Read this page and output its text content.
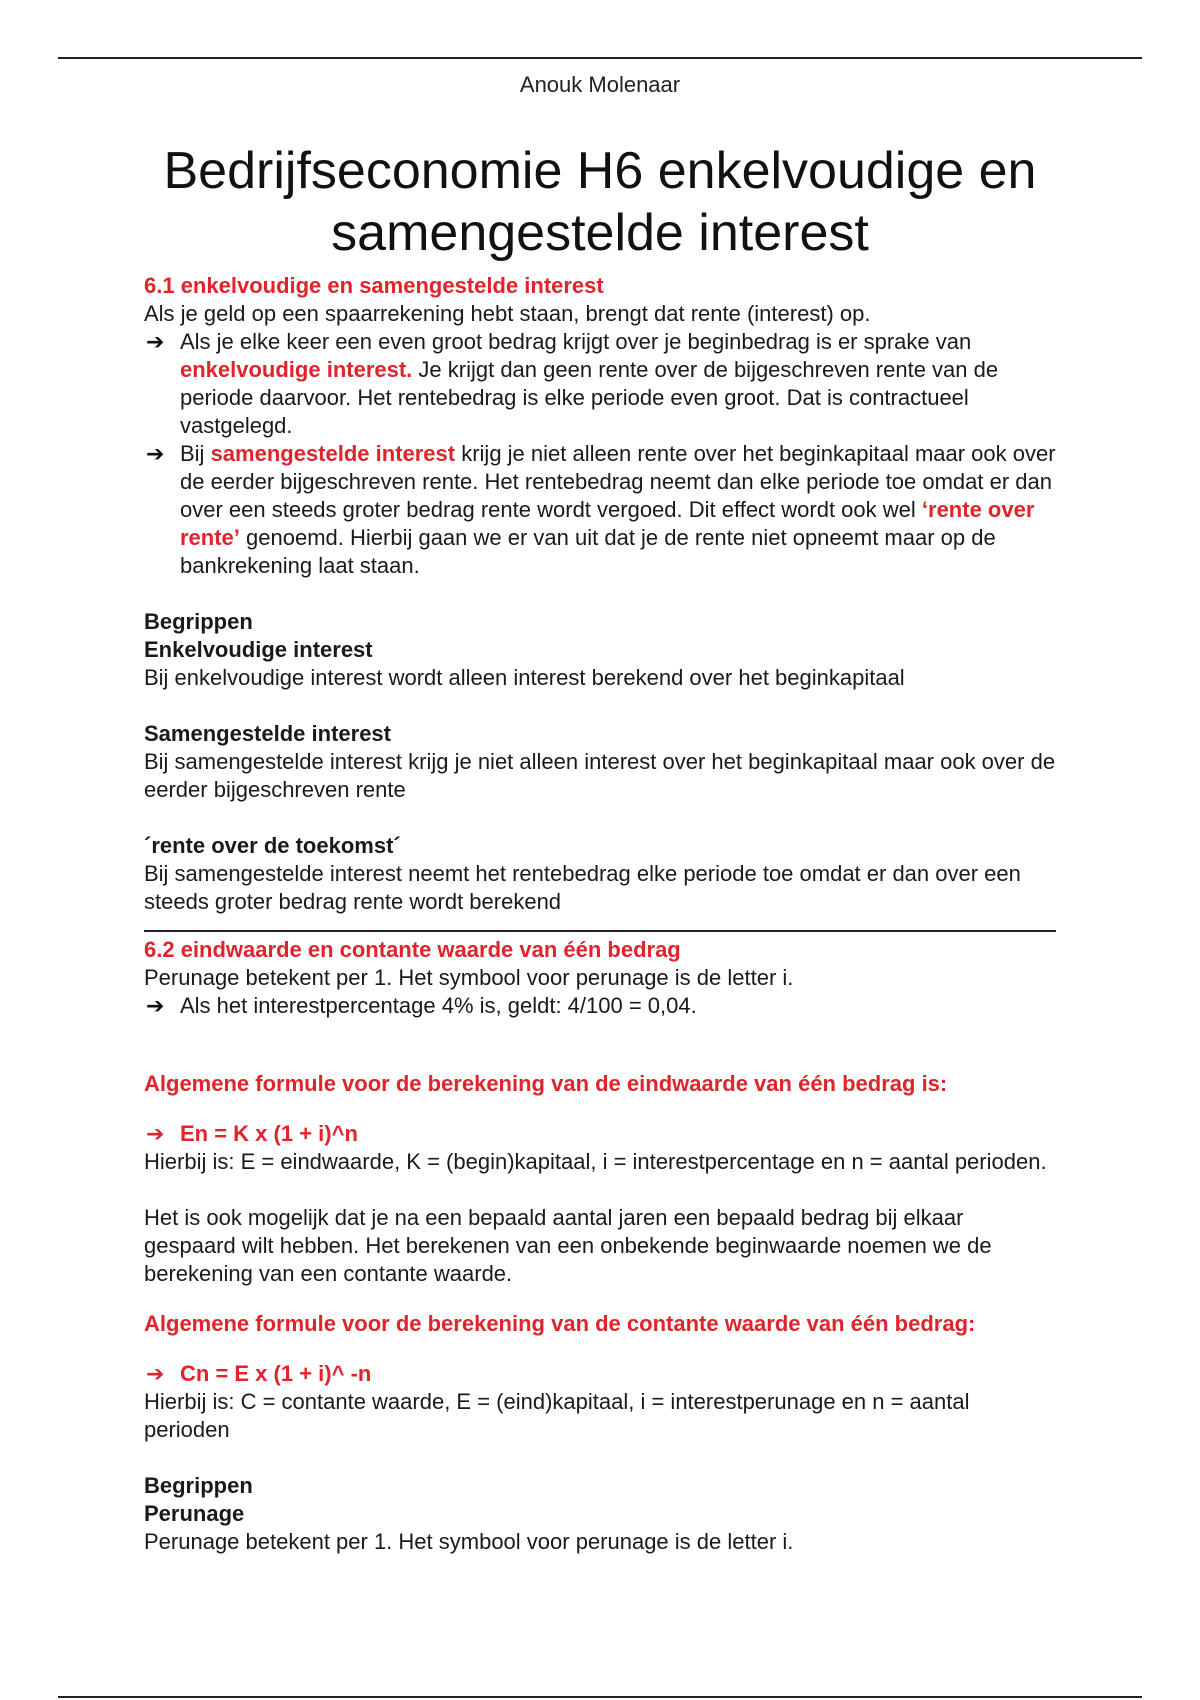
Anouk Molenaar
Bedrijfseconomie H6 enkelvoudige en samengestelde interest

6.1 enkelvoudige en samengestelde interest

Als je geld op een spaarrekening hebt staan, brengt dat rente (interest) op.

➔ Als je elke keer een even groot bedrag krijgt over je beginbedrag is er sprake van enkelvoudige interest. Je krijgt dan geen rente over de bijgeschreven rente van de periode daarvoor. Het rentebedrag is elke periode even groot. Dat is contractueel vastgelegd.

➔ Bij samengestelde interest krijg je niet alleen rente over het beginkapitaal maar ook over de eerder bijgeschreven rente. Het rentebedrag neemt dan elke periode toe omdat er dan over een steeds groter bedrag rente wordt vergoed. Dit effect wordt ook wel ‘rente over rente’ genoemd. Hierbij gaan we er van uit dat je de rente niet opneemt maar op de bankrekening laat staan.

Begrippen

Enkelvoudige interest

Bij enkelvoudige interest wordt alleen interest berekend over het beginkapitaal

Samengestelde interest

Bij samengestelde interest krijg je niet alleen interest over het beginkapitaal maar ook over de eerder bijgeschreven rente

´rente over de toekomst´

Bij samengestelde interest neemt het rentebedrag elke periode toe omdat er dan over een steeds groter bedrag rente wordt berekend

6.2 eindwaarde en contante waarde van één bedrag

Perunage betekent per 1. Het symbool voor perunage is de letter i.

➔ Als het interestpercentage 4% is, geldt: 4/100 = 0,04.

Algemene formule voor de berekening van de eindwaarde van één bedrag is:

➔ En = K x (1 + i)^n

Hierbij is: E = eindwaarde, K = (begin)kapitaal, i = interestpercentage en n = aantal perioden.

Het is ook mogelijk dat je na een bepaald aantal jaren een bepaald bedrag bij elkaar gespaard wilt hebben. Het berekenen van een onbekende beginwaarde noemen we de berekening van een contante waarde.

Algemene formule voor de berekening van de contante waarde van één bedrag:

➔ Cn = E x (1 + i)^ -n

Hierbij is: C = contante waarde, E = (eind)kapitaal, i = interestperunage en n = aantal perioden

Begrippen

Perunage

Perunage betekent per 1. Het symbool voor perunage is de letter i.
